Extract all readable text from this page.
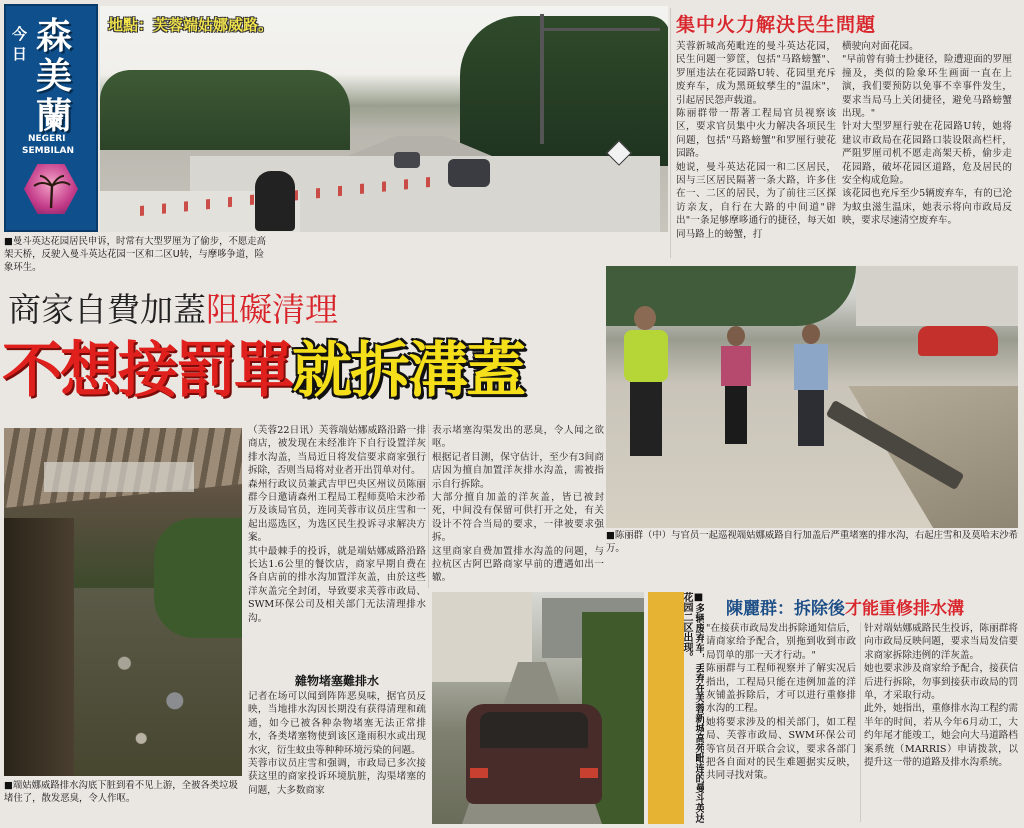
今日 森美蘭
NEGERI
SEMBILAN
地點：芙蓉端姑娜威路。
■曼斗英达花园居民申诉，时常有大型罗厘为了偷步，不愿走高架天桥，反驶入曼斗英达花园一区和二区U转，与摩哆争道，险象环生。
集中火力解決民生問題
芙蓉新城高苑毗连的曼斗英达花园，民生问题一箩筐，包括"马路螃蟹"、罗厘违法在花园路U转、花园里充斥废弃车，成为黑斑蚊孳生的"温床"，引起居民怨声载道。
陈丽群带一帮著工程局官员视察该区，要求官员集中火力解决各项民生问题，包括"马路螃蟹"和罗厘行驶花园路。
她说，曼斗英达花园一和二区居民，因与三区居民隔著一条大路，许多住在一、二区的居民，为了前往三区探访亲友，自行在大路的中间道"辟出"一条足够摩哆通行的捷径，每天如同马路上的螃蟹，打
横驶向对面花园。
"早前曾有骑士抄捷径，险遭迎面的罗厘撞及，类似的险象环生画面一直在上演，我们要预防以免事不幸事件发生，要求当局马上关闭捷径，避免马路螃蟹出现。"
针对大型罗厘行驶在花园路U转，她将建议市政局在花园路口装设限高栏杆，严阻罗厘司机不愿走高架天桥，偷步走花园路，破坏花园区道路，危及居民的安全构成危险。
该花园也充斥至少5辆废弃车，有的已沦为蚊虫滋生温床，她表示将向市政局反映，要求尽速清空废弃车。
商家自費加蓋阻礙清理
不想接罰單就拆溝蓋
■陈丽群（中）与官员一起巡视端姑娜威路自行加盖后严重堵塞的排水沟，右起庄雪和及莫哈末沙希万。
■端姑娜威路排水沟底下脏到看不见上游，全被各类垃圾堵住了，散发恶臭，令人作呕。
（芙蓉22日讯）芙蓉端姑娜威路沿路一排商店，被发现在未经准许下自行设置洋灰排水沟盖，当局近日将发信要求商家强行拆除，否则当局将对业者开出罚单对付。
森州行政议员兼武吉甲巴央区州议员陈丽群今日邀请森州工程局工程师莫哈末沙希万及该局官员，连同芙蓉市议员庄雪和一起出巡选区，为选区民生投诉寻求解决方案。
其中最棘手的投诉，就是端姑娜威路沿路长达1.6公里的餐饮店，商家早期自费在各自店前的排水沟加置洋灰盖，由於这些洋灰盖完全封闭，导致要求芙蓉市政局、SWM环保公司及相关部门无法清理排水沟。
雜物堵塞難排水
记者在场可以闻到阵阵恶臭味，据官员反映，当地排水沟因长期没有获得清理和疏通，如今已被各种杂物堵塞无法正常排水，各类堵塞物使到该区逢雨积水或出现水灾，衍生蚊虫等种种环境污染的问题。
芙蓉市议员庄雪和强调，市政局已多次接获这里的商家投诉环境肮脏，沟渠堵塞的问题，大多数商家
表示堵塞沟渠发出的恶臭，令人闻之欲呕。
根据记者目测，保守估计，至少有3间商店因为擅自加置洋灰排水沟盖，需被指示自行拆除。
大部分擅自加盖的洋灰盖，皆已被封死，中间没有保留可供打开之处，有关设计不符合当局的要求，一律被要求强拆。
这里商家自费加置排水沟盖的问题，与拉杭区古阿巴路商家早前的遭遇如出一辙。
■多辆废弃车，丢弃在芙蓉新城高苑毗连的曼斗英达花园二区出现。	陳麗群：拆除後才能重修排水溝
"在接获市政局发出拆除通知信后，请商家给予配合，别拖到收到市政局罚单的那一天才行动。"
陈丽群与工程师视察并了解实况后指出，工程局只能在违例加盖的洋灰铺盖拆除后，才可以进行重修排水沟的工程。
她将要求涉及的相关部门，如工程局、芙蓉市政局、SWM环保公司等官员召开联合会议，要求各部门把各自面对的民生难题据实反映，共同寻找对策。
针对端姑娜威路民生投诉，陈丽群将向市政局反映问题，要求当局发信要求商家拆除违例的洋灰盖。
她也要求涉及商家给予配合，接获信后进行拆除，勿事到接获市政局的罚单，才采取行动。
此外，她指出，重修排水沟工程约需半年的时间，若从今年6月动工，大约年尾才能竣工，她会向大马道路档案系统（MARRIS）申请拨款，以提升这一带的道路及排水沟系统。
